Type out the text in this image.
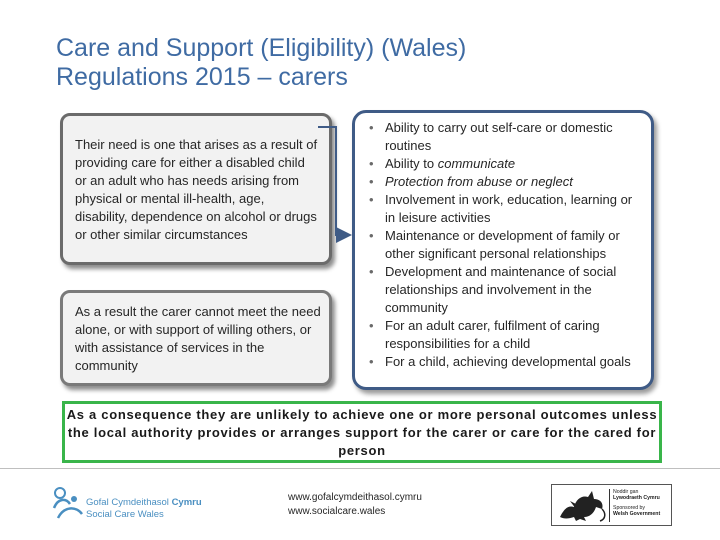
Care and Support (Eligibility) (Wales)
Regulations 2015 – carers
Their need is one that arises as a result of providing care for either a disabled child or an adult who has needs arising from physical or mental ill-health, age, disability, dependence on alcohol or drugs or other similar circumstances
As a result the carer cannot meet the need alone, or with support of willing others, or with assistance of services in the community
• Ability to carry out self-care or domestic routines
• Ability to communicate
• Protection from abuse or neglect
• Involvement in work, education, learning or in leisure activities
• Maintenance or development of family or other significant personal relationships
• Development and maintenance of social relationships and involvement in the community
• For an adult carer, fulfilment of caring responsibilities for a child
• For a child, achieving developmental goals
As a consequence they are unlikely to achieve one or more personal outcomes unless the local authority provides or arranges support for the carer or care for the cared for person
Gofal Cymdeithasol Cymru
Social Care Wales
www.gofalcymdeithasol.cymru
www.socialcare.wales
Noddir gan
Lywodraeth Cymru
Sponsored by
Welsh Government
